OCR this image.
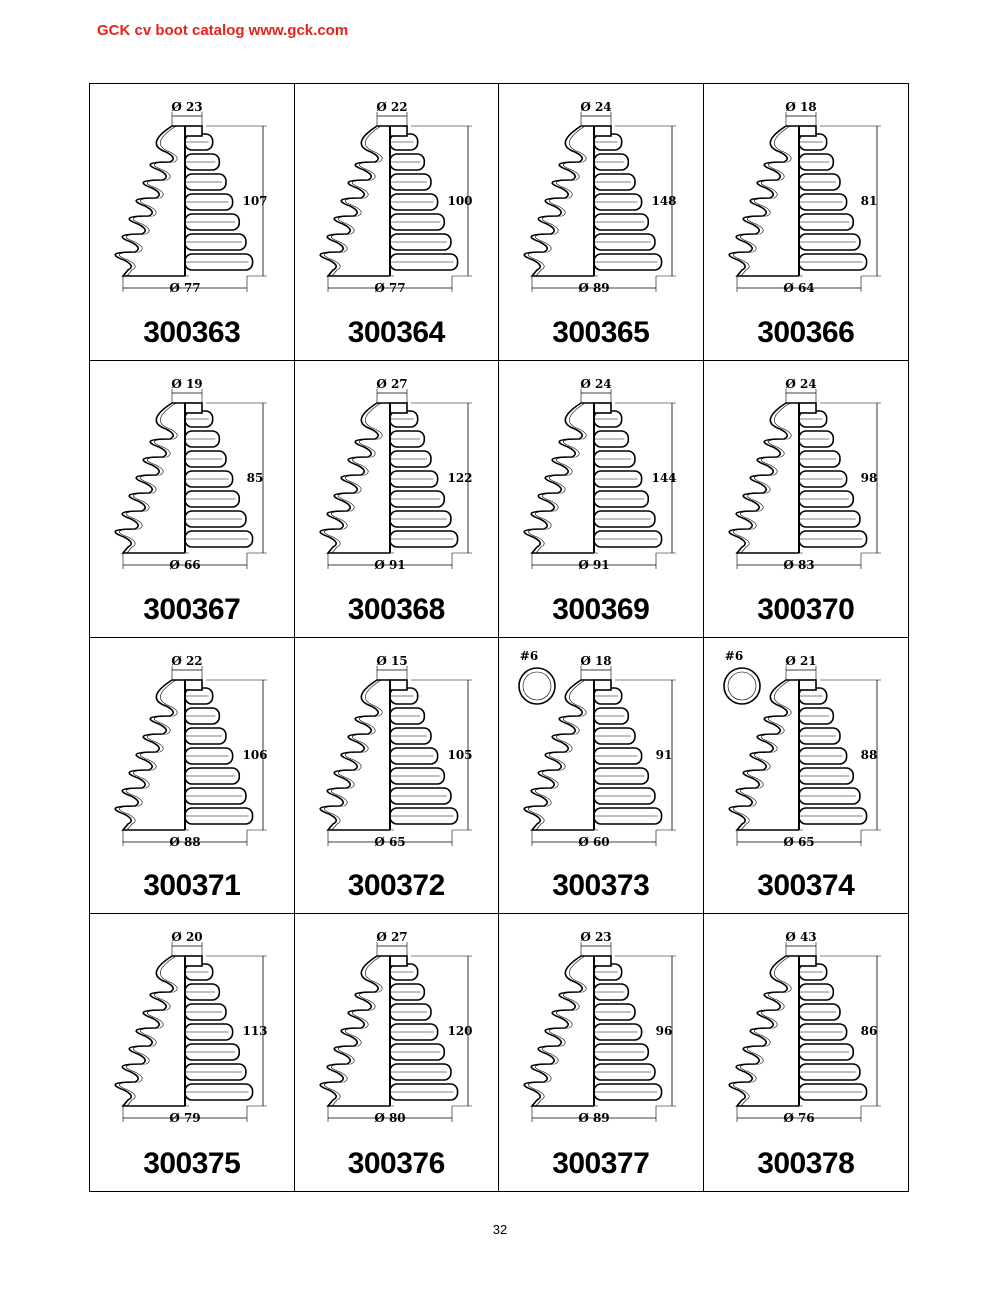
GCK cv boot catalog www.gck.com
Ø 23
Ø 77
107
300363
Ø 22
Ø 77
100
300364
Ø 24
Ø 89
148
300365
Ø 18
Ø 64
81
300366
Ø 19
Ø 66
85
300367
Ø 27
Ø 91
122
300368
Ø 24
Ø 91
144
300369
Ø 24
Ø 83
98
300370
Ø 22
Ø 88
106
300371
Ø 15
Ø 65
105
300372
Ø 18
Ø 60
91
#6
300373
Ø 21
Ø 65
88
#6
300374
Ø 20
Ø 79
113
300375
Ø 27
Ø 80
120
300376
Ø 23
Ø 89
96
300377
Ø 43
Ø 76
86
300378
32
